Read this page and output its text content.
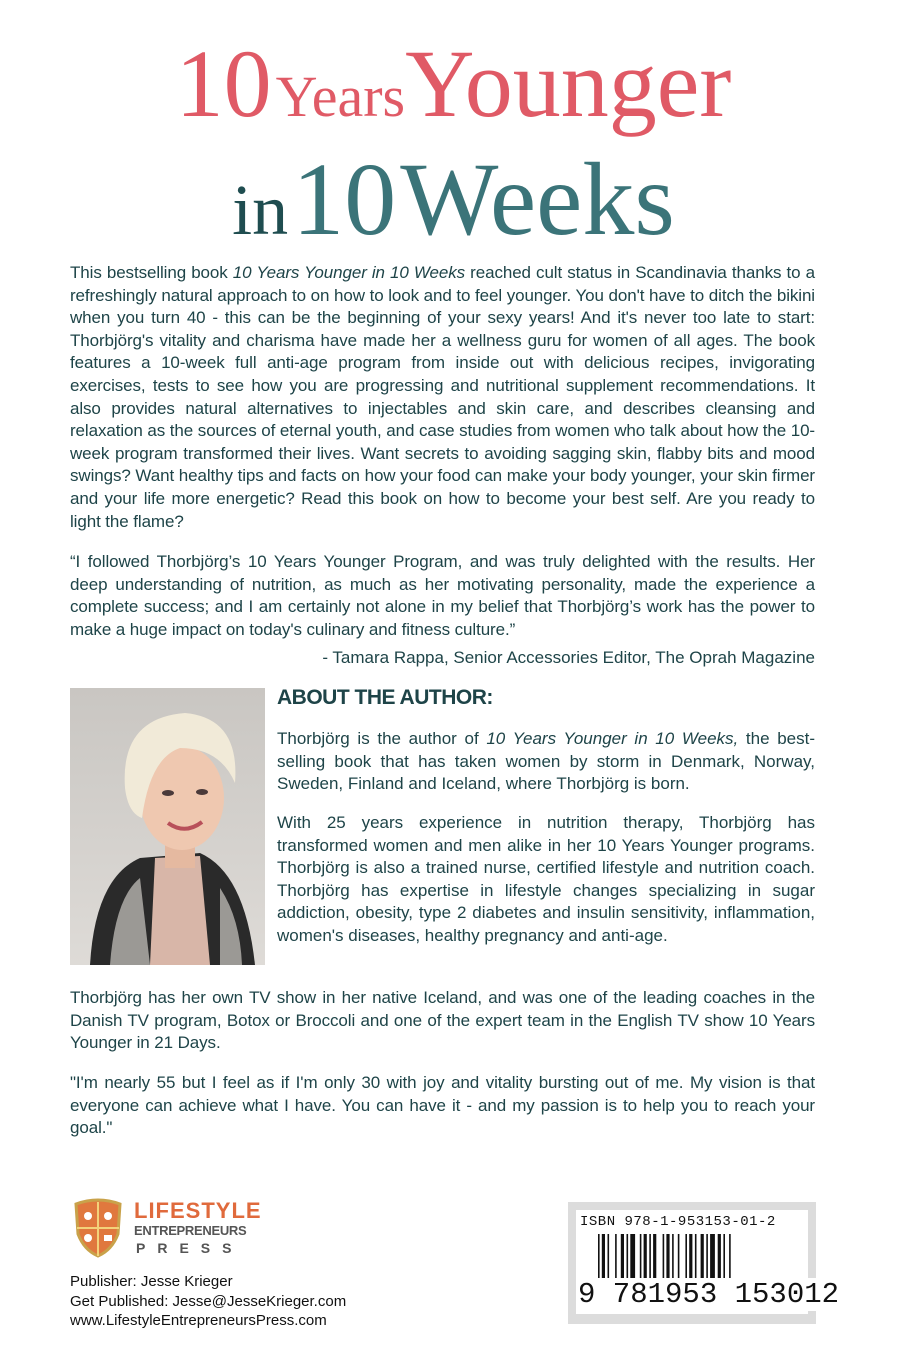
10 YearsYounger
in 10 Weeks

This bestselling book 10 Years Younger in 10 Weeks reached cult status in Scandinavia thanks to a refreshingly natural approach to on how to look and to feel younger. You don't have to ditch the bikini when you turn 40 - this can be the beginning of your sexy years! And it's never too late to start: Thorbjörg's vitality and charisma have made her a wellness guru for women of all ages. The book features a 10-week full anti-age program from inside out with delicious recipes, invigorating exercises, tests to see how you are progressing and nutritional supplement recommendations. It also provides natural alternatives to injectables and skin care, and describes cleansing and relaxation as the sources of eternal youth, and case studies from women who talk about how the 10-week program transformed their lives. Want secrets to avoiding sagging skin, flabby bits and mood swings? Want healthy tips and facts on how your food can make your body younger, your skin firmer and your life more energetic? Read this book on how to become your best self. Are you ready to light the flame?

“I followed Thorbjörg’s 10 Years Younger Program, and was truly delighted with the results. Her deep understanding of nutrition, as much as her motivating personality, made the experience a complete success; and I am certainly not alone in my belief that Thorbjörg’s work has the power to make a huge impact on today's culinary and fitness culture.”

- Tamara Rappa, Senior Accessories Editor, The Oprah Magazine
ABOUT THE AUTHOR:

Thorbjörg is the author of 10 Years Younger in 10 Weeks, the best-selling book that has taken women by storm in Denmark, Norway, Sweden, Finland and Iceland, where Thorbjörg is born.

With 25 years experience in nutrition therapy, Thorbjörg has transformed women and men alike in her 10 Years Younger programs. Thorbjörg is also a trained nurse, certified lifestyle and nutrition coach. Thorbjörg has expertise in lifestyle changes specializing in sugar addiction, obesity, type 2 diabetes and insulin sensitivity, inflammation, women's diseases, healthy pregnancy and anti-age.

Thorbjörg has her own TV show in her native Iceland, and was one of the leading coaches in the Danish TV program, Botox or Broccoli and one of the expert team in the English TV show 10 Years Younger in 21 Days.

"I'm nearly 55 but I feel as if I'm only 30 with joy and vitality bursting out of me. My vision is that everyone can achieve what I have. You can have it - and my passion is to help you to reach your goal."

LIFESTYLE
ENTREPRENEURS
PRESS
Publisher: Jesse Krieger
Get Published: Jesse@JesseKrieger.com
www.LifestyleEntrepreneursPress.com
ISBN 978-1-953153-01-2
9 781953 153012
